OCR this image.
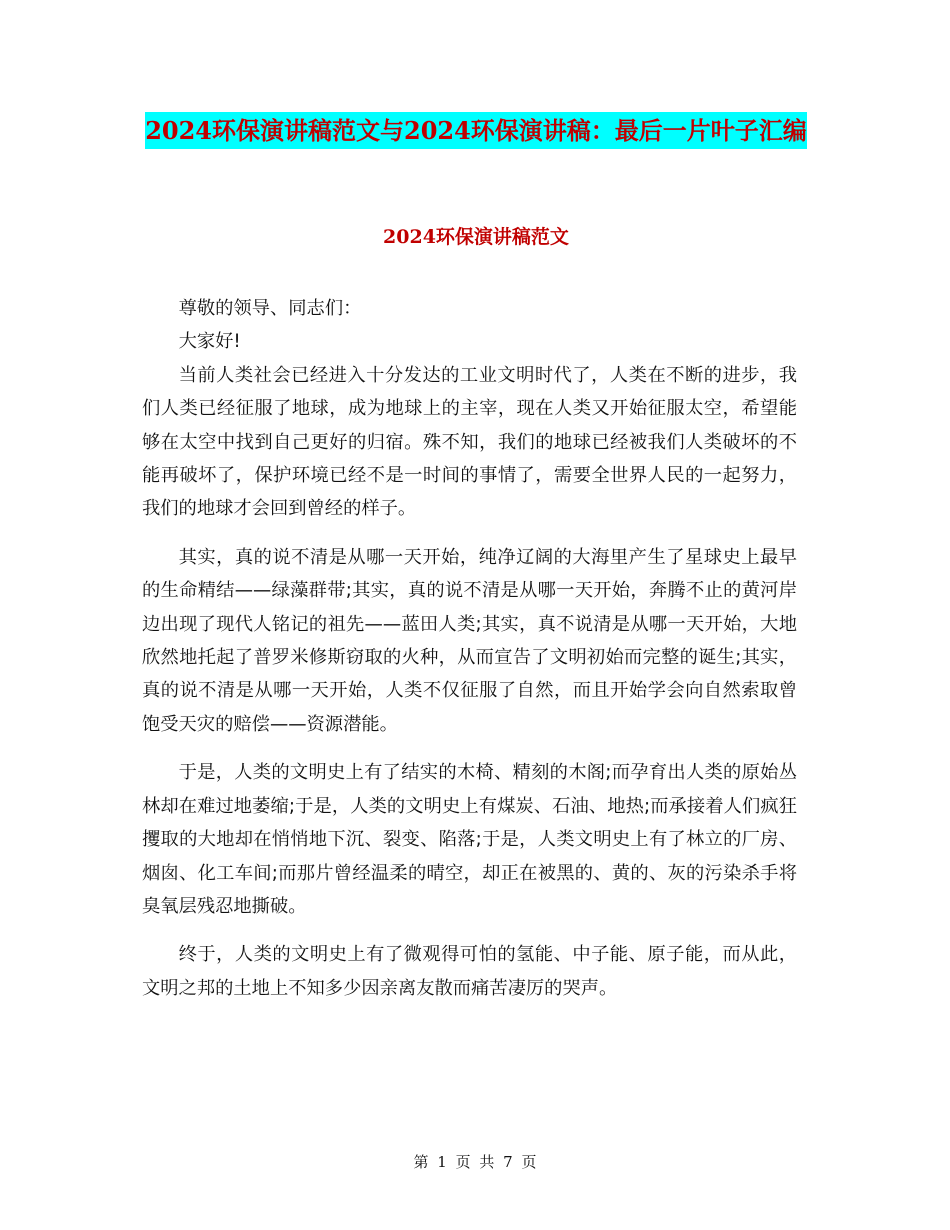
2024环保演讲稿范文与2024环保演讲稿：最后一片叶子汇编
2024环保演讲稿范文

尊敬的领导、同志们：

大家好!

当前人类社会已经进入十分发达的工业文明时代了，人类在不断的进步，我们人类已经征服了地球，成为地球上的主宰，现在人类又开始征服太空，希望能够在太空中找到自己更好的归宿。殊不知，我们的地球已经被我们人类破坏的不能再破坏了，保护环境已经不是一时间的事情了，需要全世界人民的一起努力，我们的地球才会回到曾经的样子。

其实，真的说不清是从哪一天开始，纯净辽阔的大海里产生了星球史上最早的生命精结——绿藻群带;其实，真的说不清是从哪一天开始，奔腾不止的黄河岸边出现了现代人铭记的祖先——蓝田人类;其实，真不说清是从哪一天开始，大地欣然地托起了普罗米修斯窃取的火种，从而宣告了文明初始而完整的诞生;其实，真的说不清是从哪一天开始，人类不仅征服了自然，而且开始学会向自然索取曾饱受天灾的赔偿——资源潜能。

于是，人类的文明史上有了结实的木椅、精刻的木阁;而孕育出人类的原始丛林却在难过地萎缩;于是，人类的文明史上有煤炭、石油、地热;而承接着人们疯狂攫取的大地却在悄悄地下沉、裂变、陷落;于是，人类文明史上有了林立的厂房、烟囱、化工车间;而那片曾经温柔的晴空，却正在被黑的、黄的、灰的污染杀手将臭氧层残忍地撕破。

终于，人类的文明史上有了微观得可怕的氢能、中子能、原子能，而从此，文明之邦的土地上不知多少因亲离友散而痛苦凄厉的哭声。

第 1 页 共 7 页
